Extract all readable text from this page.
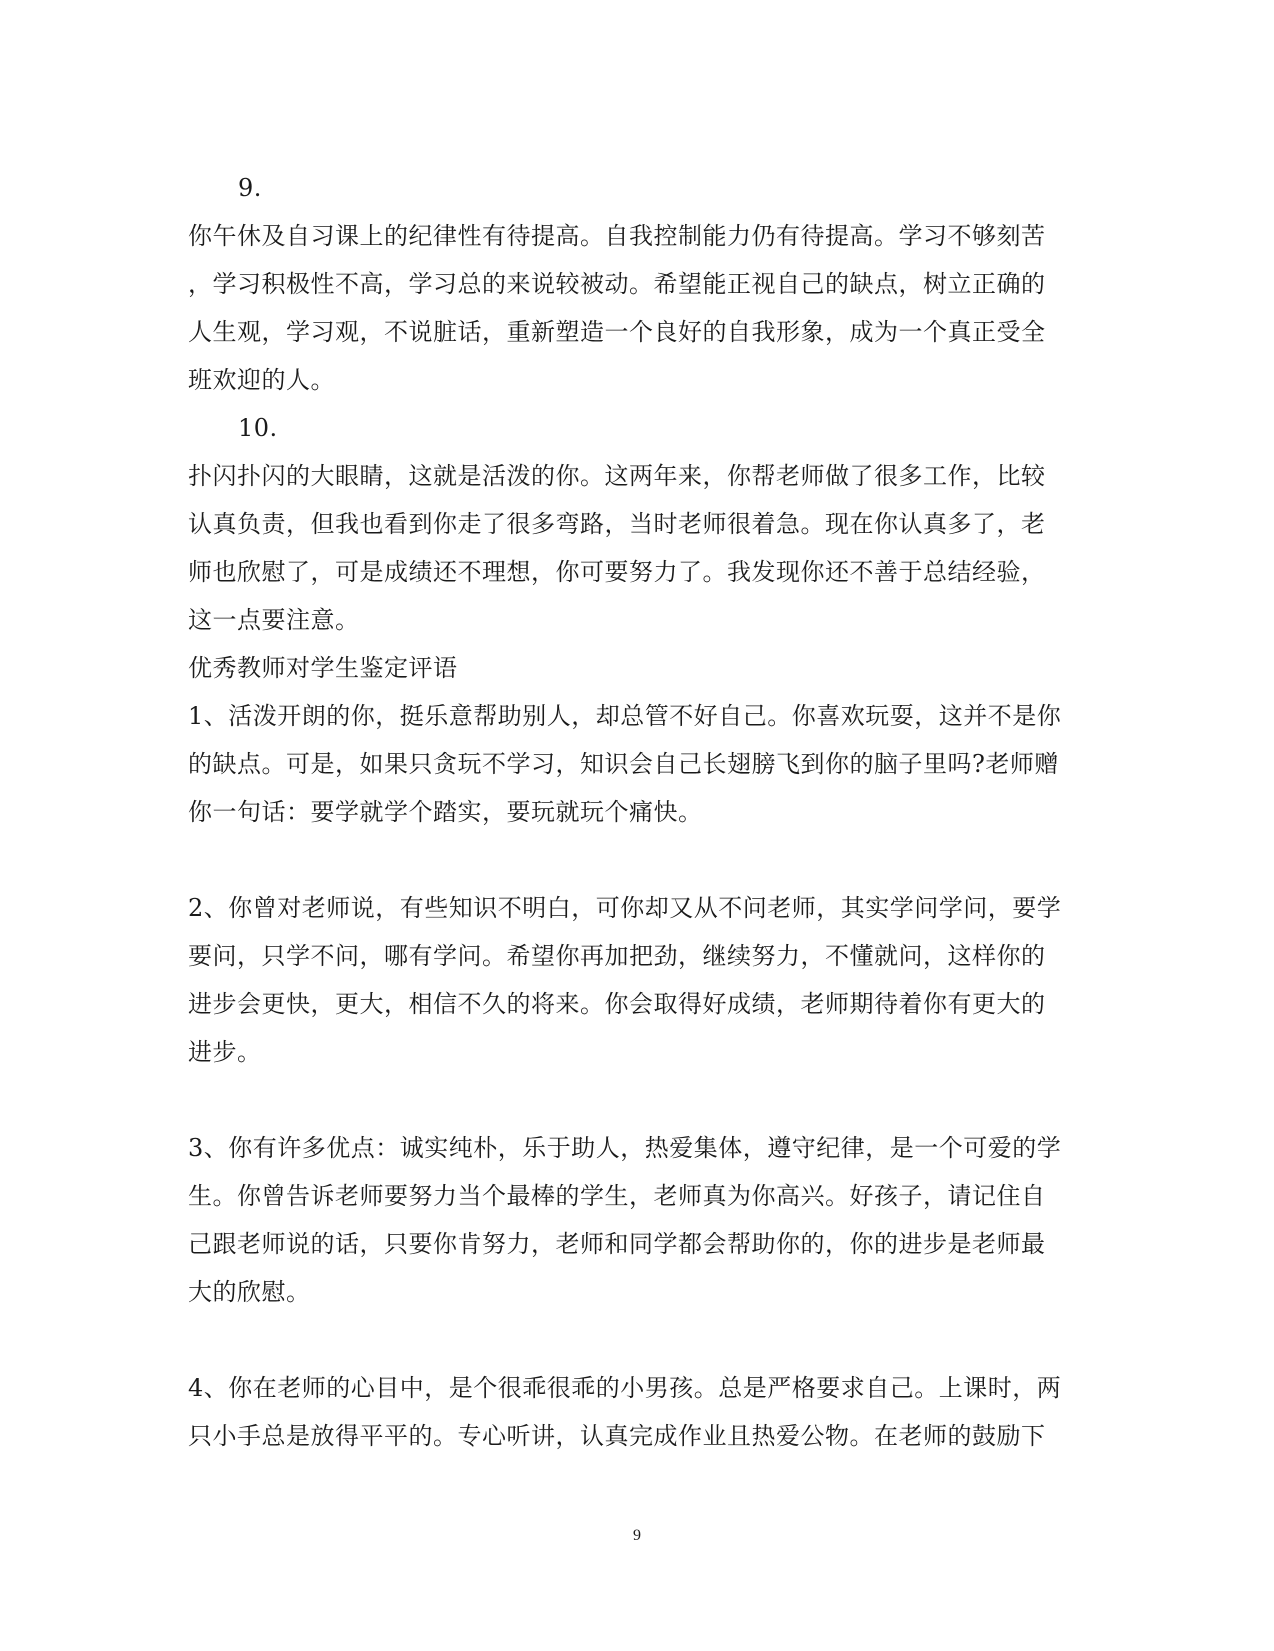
9.
你午休及自习课上的纪律性有待提高。自我控制能力仍有待提高。学习不够刻苦
，学习积极性不高，学习总的来说较被动。希望能正视自己的缺点，树立正确的
人生观，学习观，不说脏话，重新塑造一个良好的自我形象，成为一个真正受全
班欢迎的人。
10.
扑闪扑闪的大眼睛，这就是活泼的你。这两年来，你帮老师做了很多工作，比较
认真负责，但我也看到你走了很多弯路，当时老师很着急。现在你认真多了，老
师也欣慰了，可是成绩还不理想，你可要努力了。我发现你还不善于总结经验，
这一点要注意。
优秀教师对学生鉴定评语
1、活泼开朗的你，挺乐意帮助别人，却总管不好自己。你喜欢玩耍，这并不是你
的缺点。可是，如果只贪玩不学习，知识会自己长翅膀飞到你的脑子里吗?老师赠
你一句话：要学就学个踏实，要玩就玩个痛快。
2、你曾对老师说，有些知识不明白，可你却又从不问老师，其实学问学问，要学
要问，只学不问，哪有学问。希望你再加把劲，继续努力，不懂就问，这样你的
进步会更快，更大，相信不久的将来。你会取得好成绩，老师期待着你有更大的
进步。
3、你有许多优点：诚实纯朴，乐于助人，热爱集体，遵守纪律，是一个可爱的学
生。你曾告诉老师要努力当个最棒的学生，老师真为你高兴。好孩子，请记住自
己跟老师说的话，只要你肯努力，老师和同学都会帮助你的，你的进步是老师最
大的欣慰。
4、你在老师的心目中，是个很乖很乖的小男孩。总是严格要求自己。上课时，两
只小手总是放得平平的。专心听讲，认真完成作业且热爱公物。在老师的鼓励下
9
